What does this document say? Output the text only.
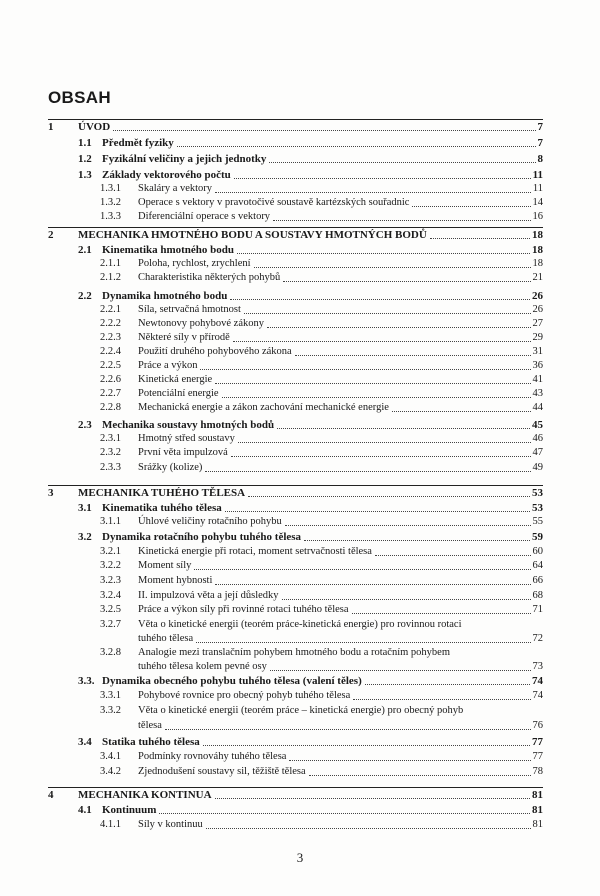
OBSAH
1 ÚVOD	7
1.1 Předmět fyziky	7
1.2 Fyzikální veličiny a jejich jednotky	8
1.3 Základy vektorového počtu	11
1.3.1 Skaláry a vektory	11
1.3.2 Operace s vektory v pravotočivé soustavě kartézských souřadnic	14
1.3.3 Diferenciální operace s vektory	16
2 MECHANIKA HMOTNÉHO BODU A SOUSTAVY HMOTNÝCH BODŮ	18
2.1 Kinematika hmotného bodu	18
2.1.1 Poloha, rychlost, zrychlení	18
2.1.2 Charakteristika některých pohybů	21
2.2 Dynamika hmotného bodu	26
2.2.1 Síla, setrvačná hmotnost	26
2.2.2 Newtonovy pohybové zákony	27
2.2.3 Některé síly v přírodě	29
2.2.4 Použití druhého pohybového zákona	31
2.2.5 Práce a výkon	36
2.2.6 Kinetická energie	41
2.2.7 Potenciální energie	43
2.2.8 Mechanická energie a zákon zachování mechanické energie	44
2.3 Mechanika soustavy hmotných bodů	45
2.3.1 Hmotný střed soustavy	46
2.3.2 První věta impulzová	47
2.3.3 Srážky (kolize)	49
3 MECHANIKA TUHÉHO TĚLESA	53
3.1 Kinematika tuhého tělesa	53
3.1.1 Úhlové veličiny rotačního pohybu	55
3.2 Dynamika rotačního pohybu tuhého tělesa	59
3.2.1 Kinetická energie při rotaci, moment setrvačnosti tělesa	60
3.2.2 Moment síly	64
3.2.3 Moment hybnosti	66
3.2.4 II. impulzová věta a její důsledky	68
3.2.5 Práce a výkon síly při rovinné rotaci tuhého tělesa	71
3.2.7 Věta o kinetické energii (teorém práce-kinetická energie) pro rovinnou rotaci
tuhého tělesa	72
3.2.8 Analogie mezi translačním pohybem hmotného bodu a rotačním pohybem
tuhého tělesa kolem pevné osy	73
3.3. Dynamika obecného pohybu tuhého tělesa (valení těles)	74
3.3.1 Pohybové rovnice pro obecný pohyb tuhého tělesa	74
3.3.2 Věta o kinetické energii (teorém práce – kinetická energie) pro obecný pohyb
tělesa	76
3.4 Statika tuhého tělesa	77
3.4.1 Podmínky rovnováhy tuhého tělesa	77
3.4.2 Zjednodušení soustavy sil, těžiště tělesa	78
4 MECHANIKA KONTINUA	81
4.1 Kontinuum	81
4.1.1 Síly v kontinuu	81
3
